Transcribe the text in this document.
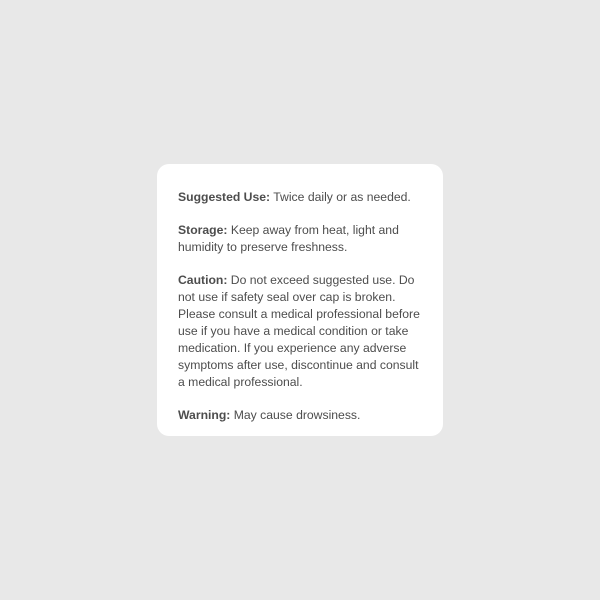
Suggested Use: Twice daily or as needed.

Storage: Keep away from heat, light and humidity to preserve freshness.

Caution: Do not exceed suggested use. Do not use if safety seal over cap is broken. Please consult a medical professional before use if you have a medical condition or take medication. If you experience any adverse symptoms after use, discontinue and consult a medical professional.

Warning: May cause drowsiness.
